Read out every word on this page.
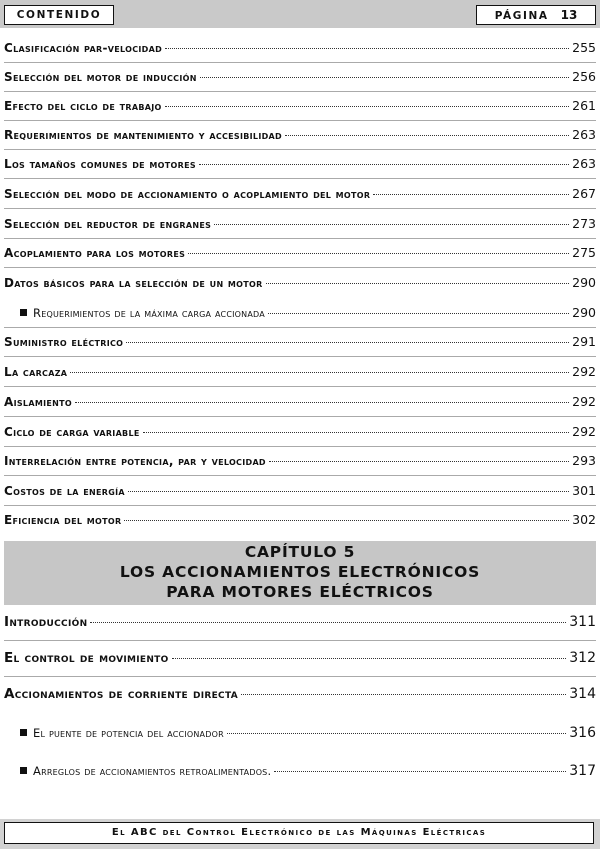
CONTENIDO	PÁGINA 13
Clasificación par-velocidad	255
Selección del motor de inducción	256
Efecto del ciclo de trabajo	261
Requerimientos de mantenimiento y accesibilidad	263
Los tamaños comunes de motores	263
Selección del modo de accionamiento o acoplamiento del motor	267
Selección del reductor de engranes	273
Acoplamiento para los motores	275
Datos básicos para la selección de un motor	290
Requerimientos de la máxima carga accionada	290
Suministro eléctrico	291
La carcaza	292
Aislamiento	292
Ciclo de carga variable	292
Interrelación entre potencia, par y velocidad	293
Costos de la energía	301
Eficiencia del motor	302
CAPÍTULO 5
LOS ACCIONAMIENTOS ELECTRÓNICOS
PARA MOTORES ELÉCTRICOS
Introducción	311
El control de movimiento	312
Accionamientos de corriente directa	314
El puente de potencia del accionador	316
Arreglos de accionamientos retroalimentados.	317
El ABC del Control Electrónico de las Máquinas Eléctricas
